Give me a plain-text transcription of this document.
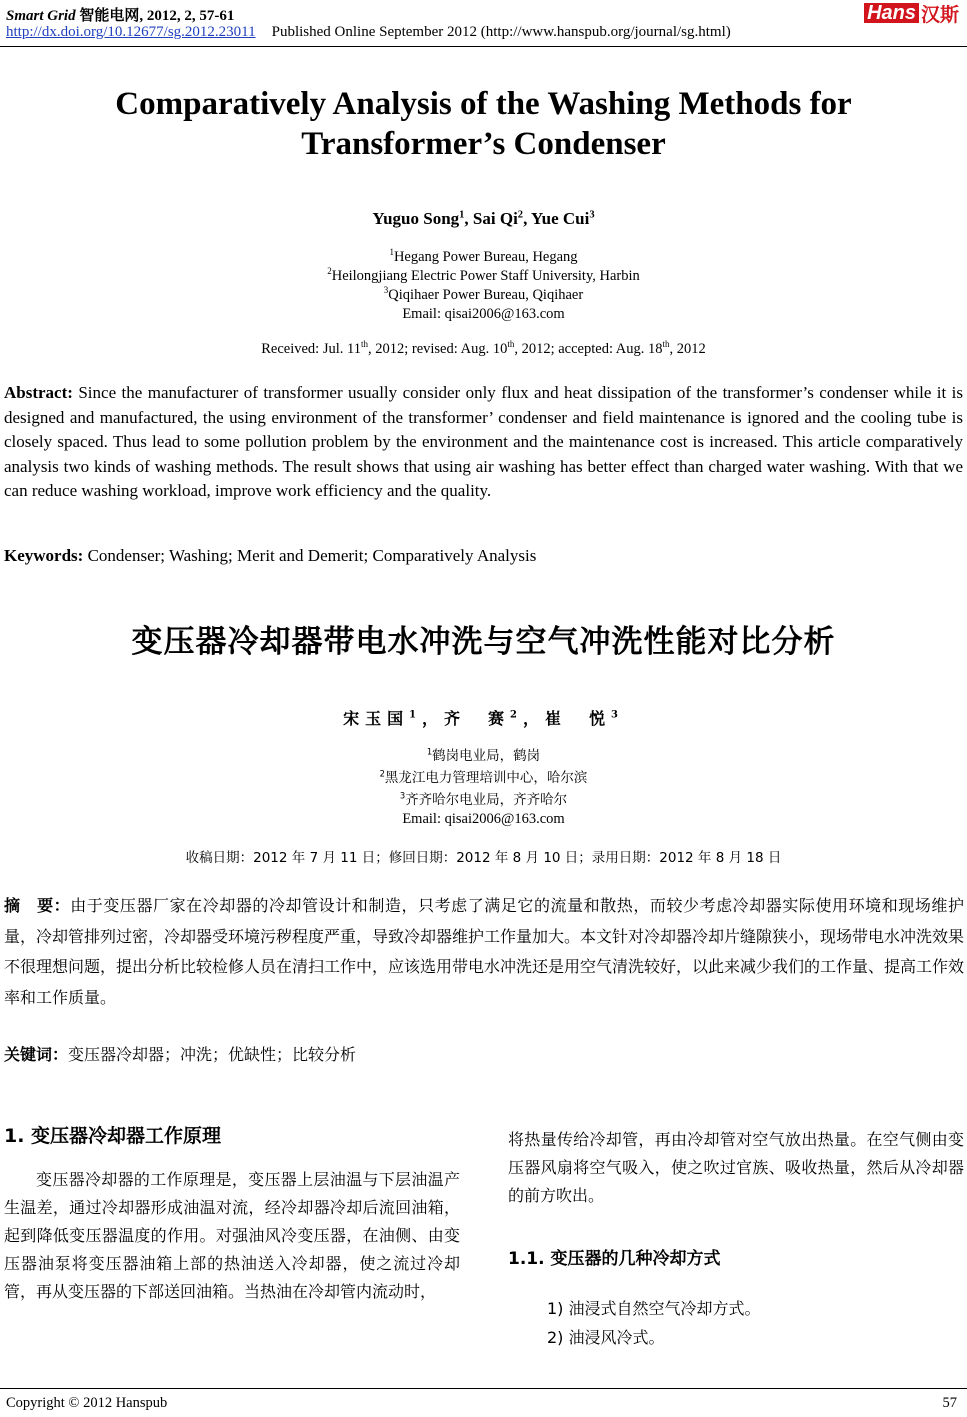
Smart Grid 智能电网, 2012, 2, 57-61
http://dx.doi.org/10.12677/sg.2012.23011 Published Online September 2012 (http://www.hanspub.org/journal/sg.html)
Hans 汉斯
Comparatively Analysis of the Washing Methods for Transformer’s Condenser
Yuguo Song$^1$, Sai Qi$^2$, Yue Cui$^3$
$^1$Hegang Power Bureau, Hegang
$^2$Heilongjiang Electric Power Staff University, Harbin
$^3$Qiqihaer Power Bureau, Qiqihaer
Email: qisai2006@163.com
Received: Jul. 11th, 2012; revised: Aug. 10th, 2012; accepted: Aug. 18th, 2012
Abstract: Since the manufacturer of transformer usually consider only flux and heat dissipation of the transformer’s condenser while it is designed and manufactured, the using environment of the transformer’ condenser and field maintenance is ignored and the cooling tube is closely spaced. Thus lead to some pollution problem by the environment and the maintenance cost is increased. This article comparatively analysis two kinds of washing methods. The result shows that using air washing has better effect than charged water washing. With that we can reduce washing workload, improve work efficiency and the quality.
Keywords: Condenser; Washing; Merit and Demerit; Comparatively Analysis
变压器冷却器带电水冲洗与空气冲洗性能对比分析
宋玉国$^1$，齐　赛$^2$，崔　悦$^3$
$^1$鹤岗电业局，鹤岗
$^2$黑龙江电力管理培训中心，哈尔滨
$^3$齐齐哈尔电业局，齐齐哈尔
Email: qisai2006@163.com
收稿日期：2012 年 7 月 11 日；修回日期：2012 年 8 月 10 日；录用日期：2012 年 8 月 18 日
摘　要：由于变压器厂家在冷却器的冷却管设计和制造，只考虑了满足它的流量和散热，而较少考虑冷却器实际使用环境和现场维护量，冷却管排列过密，冷却器受环境污秽程度严重，导致冷却器维护工作量加大。本文针对冷却器冷却片缝隙狭小，现场带电水冲洗效果不很理想问题，提出分析比较检修人员在清扫工作中，应该选用带电水冲洗还是用空气清洗较好，以此来减少我们的工作量、提高工作效率和工作质量。
关键词：变压器冷却器；冲洗；优缺性；比较分析
1. 变压器冷却器工作原理
变压器冷却器的工作原理是，变压器上层油温与下层油温产生温差，通过冷却器形成油温对流，经冷却器冷却后流回油箱，起到降低变压器温度的作用。对强油风冷变压器，在油侧、由变压器油泵将变压器油箱上部的热油送入冷却器，使之流过冷却管，再从变压器的下部送回油箱。当热油在冷却管内流动时，
将热量传给冷却管，再由冷却管对空气放出热量。在空气侧由变压器风扇将空气吸入，使之吹过官族、吸收热量，然后从冷却器的前方吹出。
1.1. 变压器的几种冷却方式
1) 油浸式自然空气冷却方式。
2) 油浸风冷式。
Copyright © 2012 Hanspub	57
